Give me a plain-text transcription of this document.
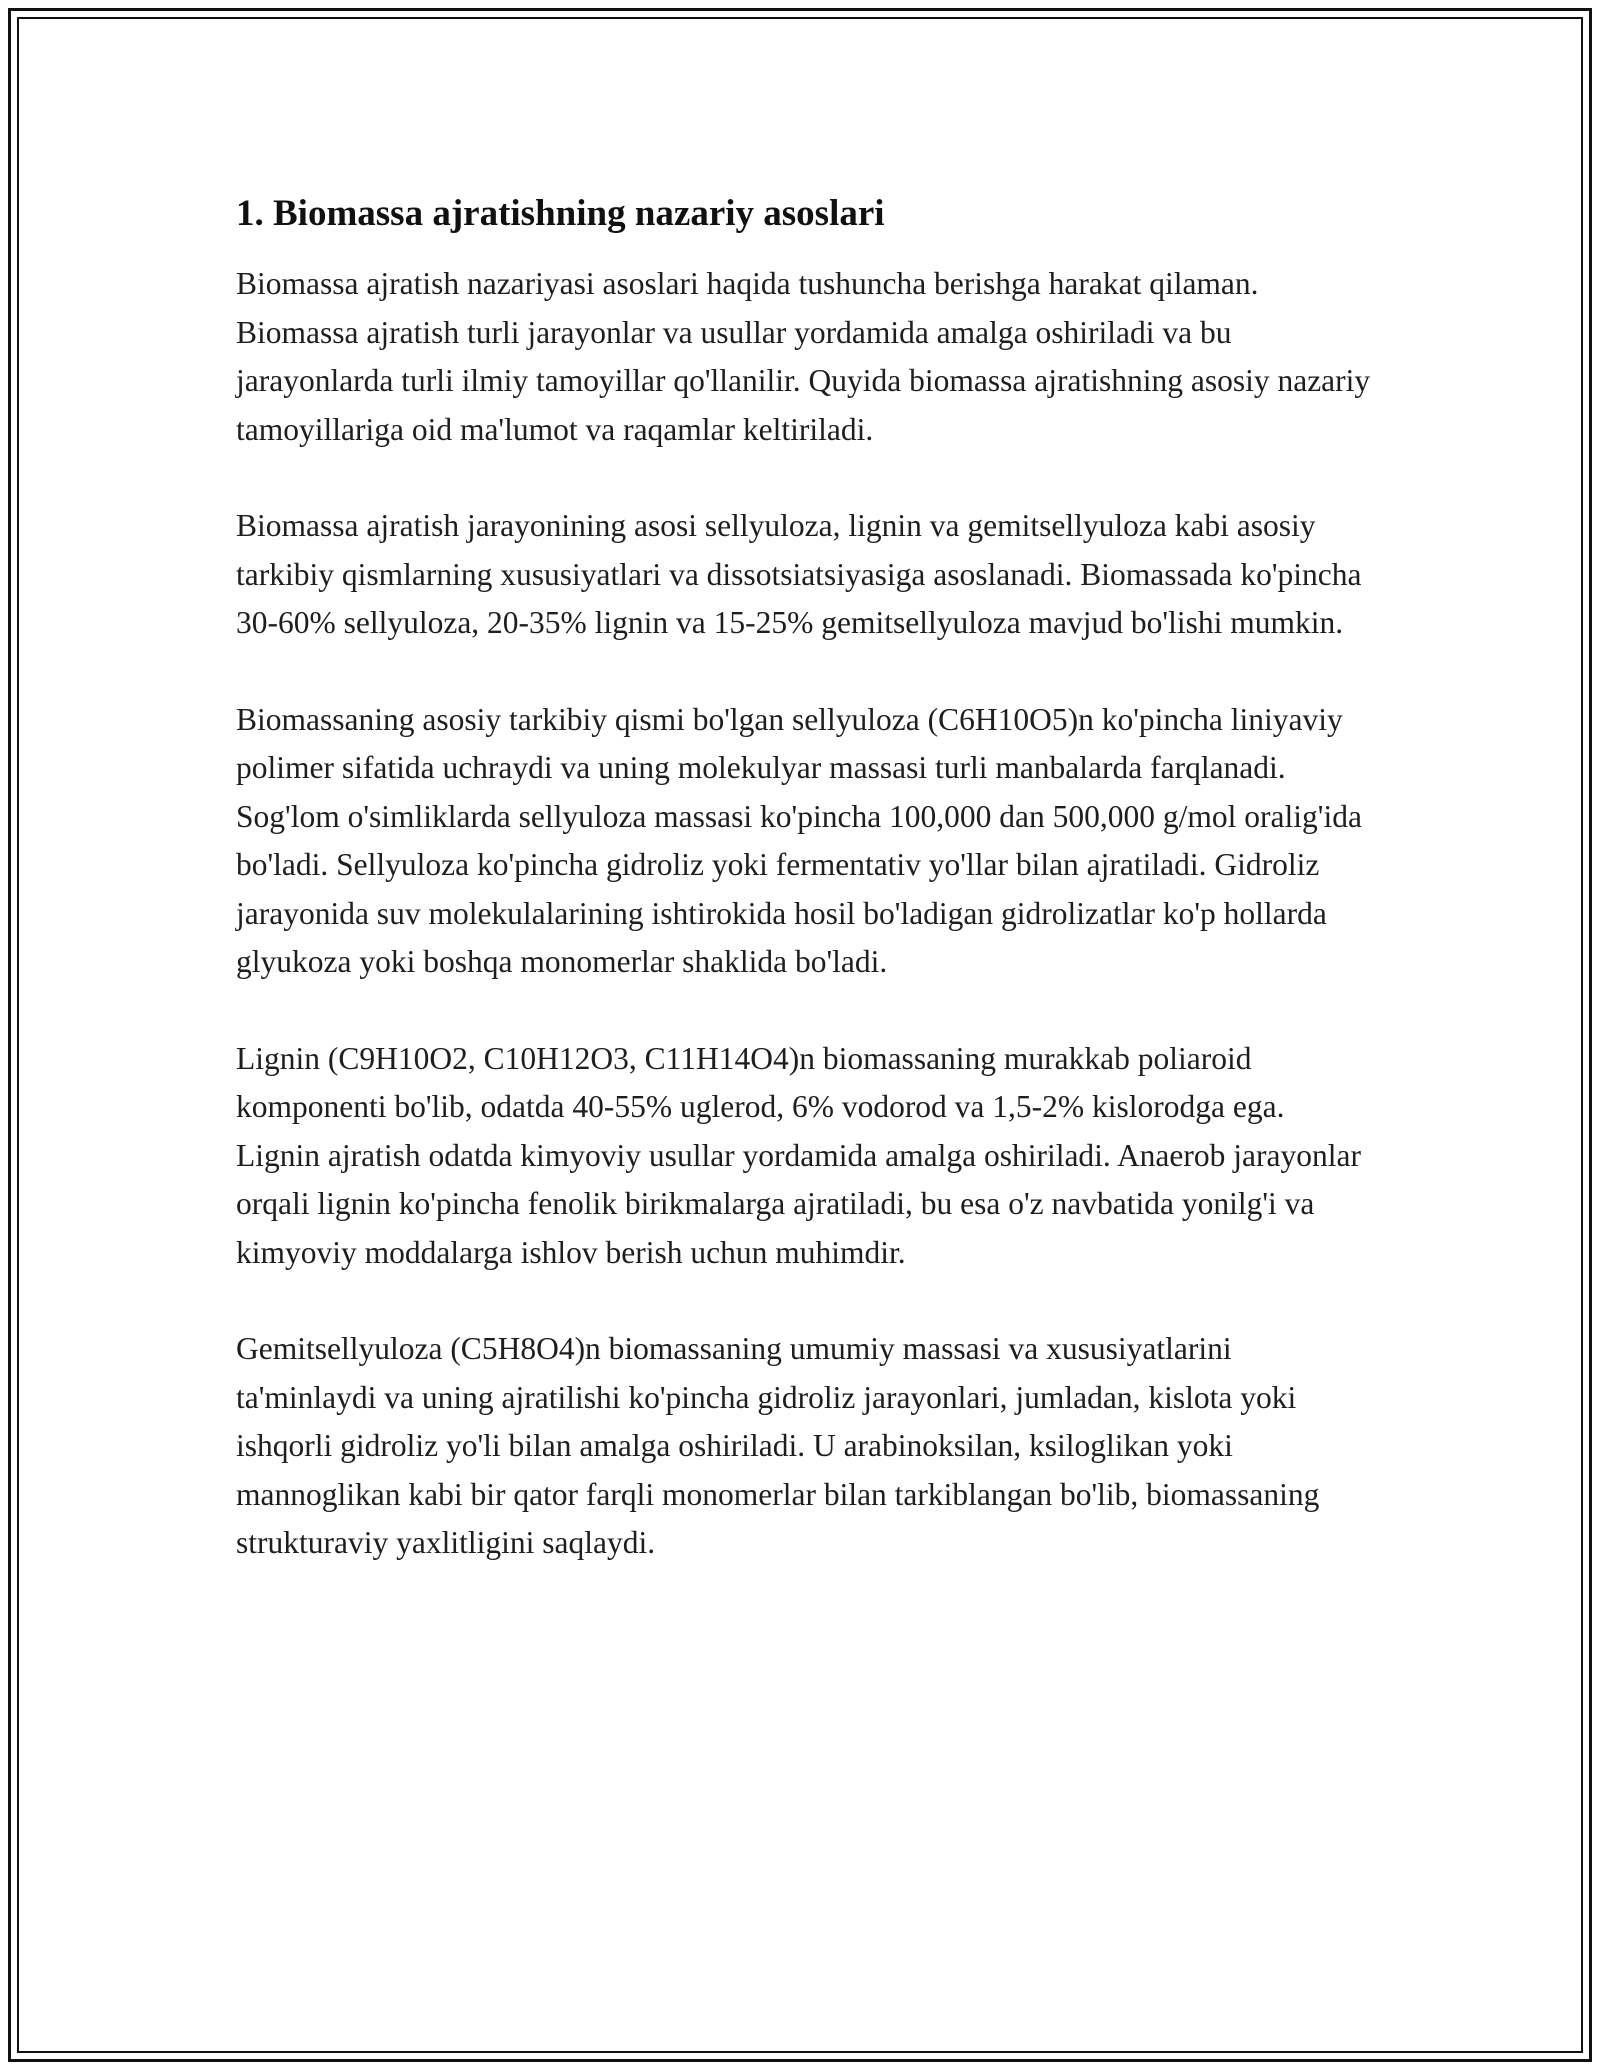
1. Biomassa ajratishning nazariy asoslari

Biomassa ajratish nazariyasi asoslari haqida tushuncha berishga harakat qilaman. Biomassa ajratish turli jarayonlar va usullar yordamida amalga oshiriladi va bu jarayonlarda turli ilmiy tamoyillar qo'llanilir. Quyida biomassa ajratishning asosiy nazariy tamoyillariga oid ma'lumot va raqamlar keltiriladi.

Biomassa ajratish jarayonining asosi sellyuloza, lignin va gemitsellyuloza kabi asosiy tarkibiy qismlarning xususiyatlari va dissotsiatsiyasiga asoslanadi. Biomassada ko'pincha 30-60% sellyuloza, 20-35% lignin va 15-25% gemitsellyuloza mavjud bo'lishi mumkin.

Biomassaning asosiy tarkibiy qismi bo'lgan sellyuloza (C6H10O5)n ko'pincha liniyaviy polimer sifatida uchraydi va uning molekulyar massasi turli manbalarda farqlanadi. Sog'lom o'simliklarda sellyuloza massasi ko'pincha 100,000 dan 500,000 g/mol oralig'ida bo'ladi. Sellyuloza ko'pincha gidroliz yoki fermentativ yo'llar bilan ajratiladi. Gidroliz jarayonida suv molekulalarining ishtirokida hosil bo'ladigan gidrolizatlar ko'p hollarda glyukoza yoki boshqa monomerlar shaklida bo'ladi.

Lignin (C9H10O2, C10H12O3, C11H14O4)n biomassaning murakkab poliaroid komponenti bo'lib, odatda 40-55% uglerod, 6% vodorod va 1,5-2% kislorodga ega. Lignin ajratish odatda kimyoviy usullar yordamida amalga oshiriladi. Anaerob jarayonlar orqali lignin ko'pincha fenolik birikmalarga ajratiladi, bu esa o'z navbatida yonilg'i va kimyoviy moddalarga ishlov berish uchun muhimdir.

Gemitsellyuloza (C5H8O4)n biomassaning umumiy massasi va xususiyatlarini ta'minlaydi va uning ajratilishi ko'pincha gidroliz jarayonlari, jumladan, kislota yoki ishqorli gidroliz yo'li bilan amalga oshiriladi. U arabinoksilan, ksiloglikan yoki mannoglikan kabi bir qator farqli monomerlar bilan tarkiblangan bo'lib, biomassaning strukturaviy yaxlitligini saqlaydi.
